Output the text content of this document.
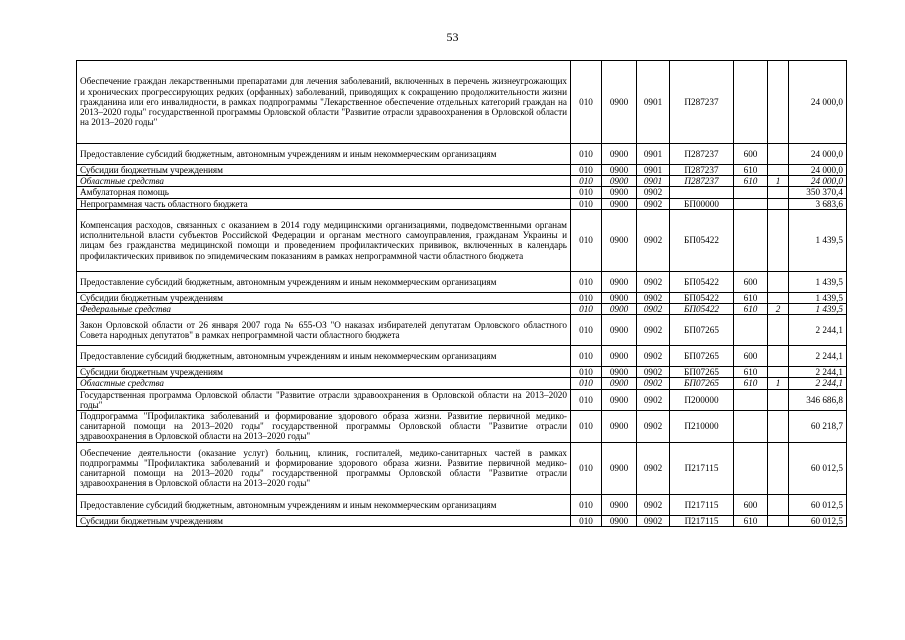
53
Обеспечение граждан лекарственными препаратами для лечения заболеваний, включенных в перечень жизнеугрожающих и хронических прогрессирующих редких (орфанных) заболеваний, приводящих к сокращению продолжительности жизни гражданина или его инвалидности, в рамках подпрограммы "Лекарственное обеспечение отдельных категорий граждан на 2013–2020 годы" государственной программы Орловской области "Развитие отрасли здравоохранения в Орловской области на 2013–2020 годы"	010	0900	0901	П287237			24 000,0
Предоставление субсидий бюджетным, автономным учреждениям и иным некоммерческим организациям	010	0900	0901	П287237	600		24 000,0
Субсидии бюджетным учреждениям	010	0900	0901	П287237	610		24 000,0
Областные средства	010	0900	0901	П287237	610	1	24 000,0
Амбулаторная помощь	010	0900	0902				350 370,4
Непрограммная часть областного бюджета	010	0900	0902	БП00000			3 683,6
Компенсация расходов, связанных с оказанием в 2014 году медицинскими организациями, подведомственными органам исполнительной власти субъектов Российской Федерации и органам местного самоуправления, гражданам Украины и лицам без гражданства медицинской помощи и проведением профилактических прививок, включенных в календарь профилактических прививок по эпидемическим показаниям в рамках непрограммной части областного бюджета	010	0900	0902	БП05422			1 439,5
Предоставление субсидий бюджетным, автономным учреждениям и иным некоммерческим организациям	010	0900	0902	БП05422	600		1 439,5
Субсидии бюджетным учреждениям	010	0900	0902	БП05422	610		1 439,5
Федеральные средства	010	0900	0902	БП05422	610	2	1 439,5
Закон Орловской области от 26 января 2007 года № 655-ОЗ "О наказах избирателей депутатам Орловского областного Совета народных депутатов" в рамках непрограммной части областного бюджета	010	0900	0902	БП07265			2 244,1
Предоставление субсидий бюджетным, автономным учреждениям и иным некоммерческим организациям	010	0900	0902	БП07265	600		2 244,1
Субсидии бюджетным учреждениям	010	0900	0902	БП07265	610		2 244,1
Областные средства	010	0900	0902	БП07265	610	1	2 244,1
Государственная программа Орловской области "Развитие отрасли здравоохранения в Орловской области на 2013–2020 годы"	010	0900	0902	П200000			346 686,8
Подпрограмма "Профилактика заболеваний и формирование здорового образа жизни. Развитие первичной медико-санитарной помощи на 2013–2020 годы" государственной программы Орловской области "Развитие отрасли здравоохранения в Орловской области на 2013–2020 годы"	010	0900	0902	П210000			60 218,7
Обеспечение деятельности (оказание услуг) больниц, клиник, госпиталей, медико-санитарных частей в рамках подпрограммы "Профилактика заболеваний и формирование здорового образа жизни. Развитие первичной медико-санитарной помощи на 2013–2020 годы" государственной программы Орловской области "Развитие отрасли здравоохранения в Орловской области на 2013–2020 годы"	010	0900	0902	П217115			60 012,5
Предоставление субсидий бюджетным, автономным учреждениям и иным некоммерческим организациям	010	0900	0902	П217115	600		60 012,5
Субсидии бюджетным учреждениям	010	0900	0902	П217115	610		60 012,5
